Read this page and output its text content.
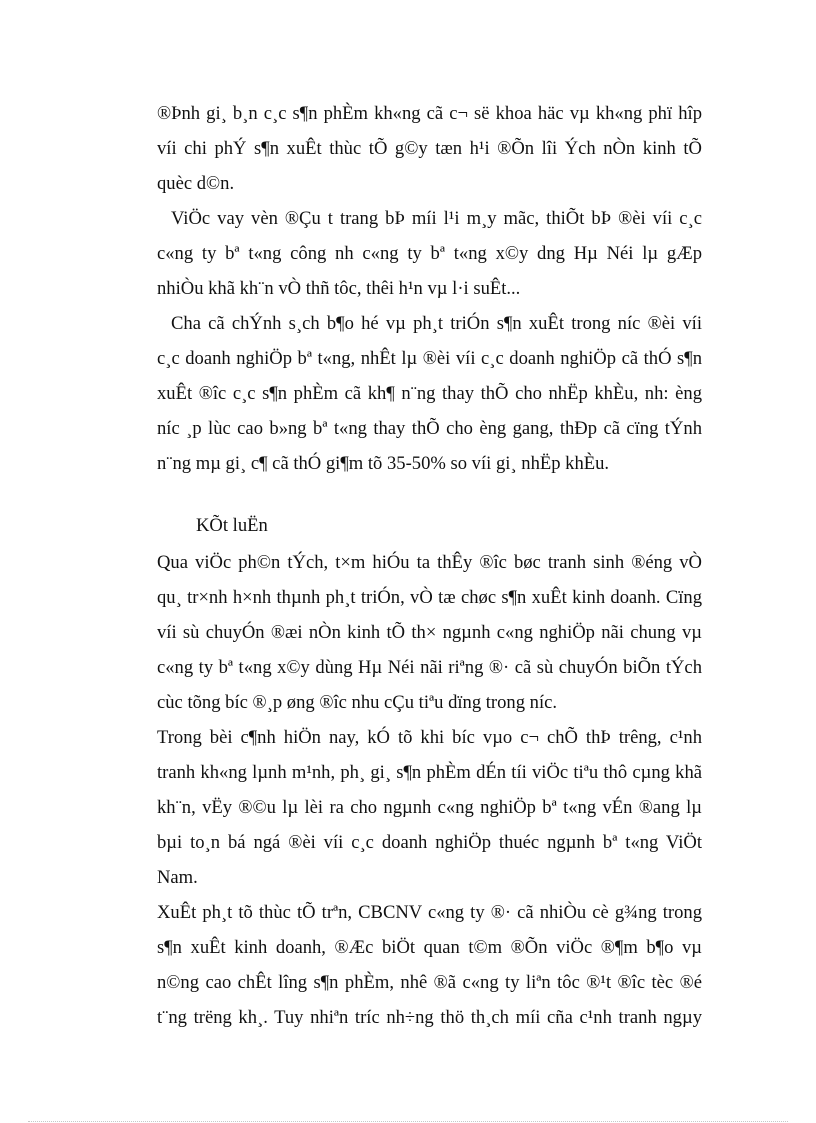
®Þnh gi¸ b¸n c¸c s¶n phÈm kh«ng cã c¬ së khoa häc vµ kh«ng phï hîp
víi chi phÝ s¶n xuÊt thùc tÕ g©y tæn h¹i ®Õn lîi Ých nÒn kinh tÕ
quèc d©n.
ViÖc vay vèn ®Çu t trang bÞ míi l¹i m¸y mãc, thiÕt bÞ ®èi víi c¸c
c«ng ty bª t«ng công nh c«ng ty bª t«ng x©y dng Hµ Néi lµ gÆp
nhiÒu khã kh¨n vÒ thñ tôc, thêi h¹n vµ l·i suÊt...
Cha cã chÝnh s¸ch b¶o hé vµ ph¸t triÓn s¶n xuÊt trong níc ®èi víi
c¸c doanh nghiÖp bª t«ng, nhÊt lµ ®èi víi c¸c doanh nghiÖp cã thÓ s¶n
xuÊt ®îc c¸c s¶n phÈm cã kh¶ n¨ng thay thÕ cho nhËp khÈu, nh: èng
níc ¸p lùc cao b»ng bª t«ng thay thÕ cho èng gang, thÐp cã cïng tÝnh
n¨ng mµ gi¸ c¶ cã thÓ gi¶m tõ 35-50% so víi gi¸ nhËp khÈu.
KÕt luËn
Qua viÖc ph©n tÝch, t×m hiÓu ta thÊy ®îc bøc tranh sinh ®éng vÒ
qu¸ tr×nh h×nh thµnh ph¸t triÓn, vÒ tæ chøc s¶n xuÊt kinh doanh. Cïng
víi sù chuyÓn ®æi nÒn kinh tÕ th× ngµnh c«ng nghiÖp nãi chung vµ
c«ng ty bª t«ng x©y dùng Hµ Néi nãi riªng ®· cã sù chuyÓn biÕn tÝch
cùc tõng bíc ®¸p øng ®îc nhu cÇu tiªu dïng trong níc.
Trong bèi c¶nh hiÖn nay, kÓ tõ khi bíc vµo c¬ chÕ thÞ trêng, c¹nh
tranh kh«ng lµnh m¹nh, ph¸ gi¸ s¶n phÈm dÉn tíi viÖc tiªu thô cµng khã
kh¨n, vËy ®©u lµ lèi ra cho ngµnh c«ng nghiÖp bª t«ng vÉn ®ang lµ
bµi to¸n bá ngá ®èi víi c¸c doanh nghiÖp thuéc ngµnh bª t«ng ViÖt
Nam.
XuÊt ph¸t tõ thùc tÕ trªn, CBCNV c«ng ty ®· cã nhiÒu cè g¾ng trong
s¶n xuÊt kinh doanh, ®Æc biÖt quan t©m ®Õn viÖc ®¶m b¶o vµ
n©ng cao chÊt lîng s¶n phÈm, nhê ®ã c«ng ty liªn tôc ®¹t ®îc tèc ®é
t¨ng trëng kh¸. Tuy nhiªn tríc nh÷ng thö th¸ch míi cña c¹nh tranh ngµy
